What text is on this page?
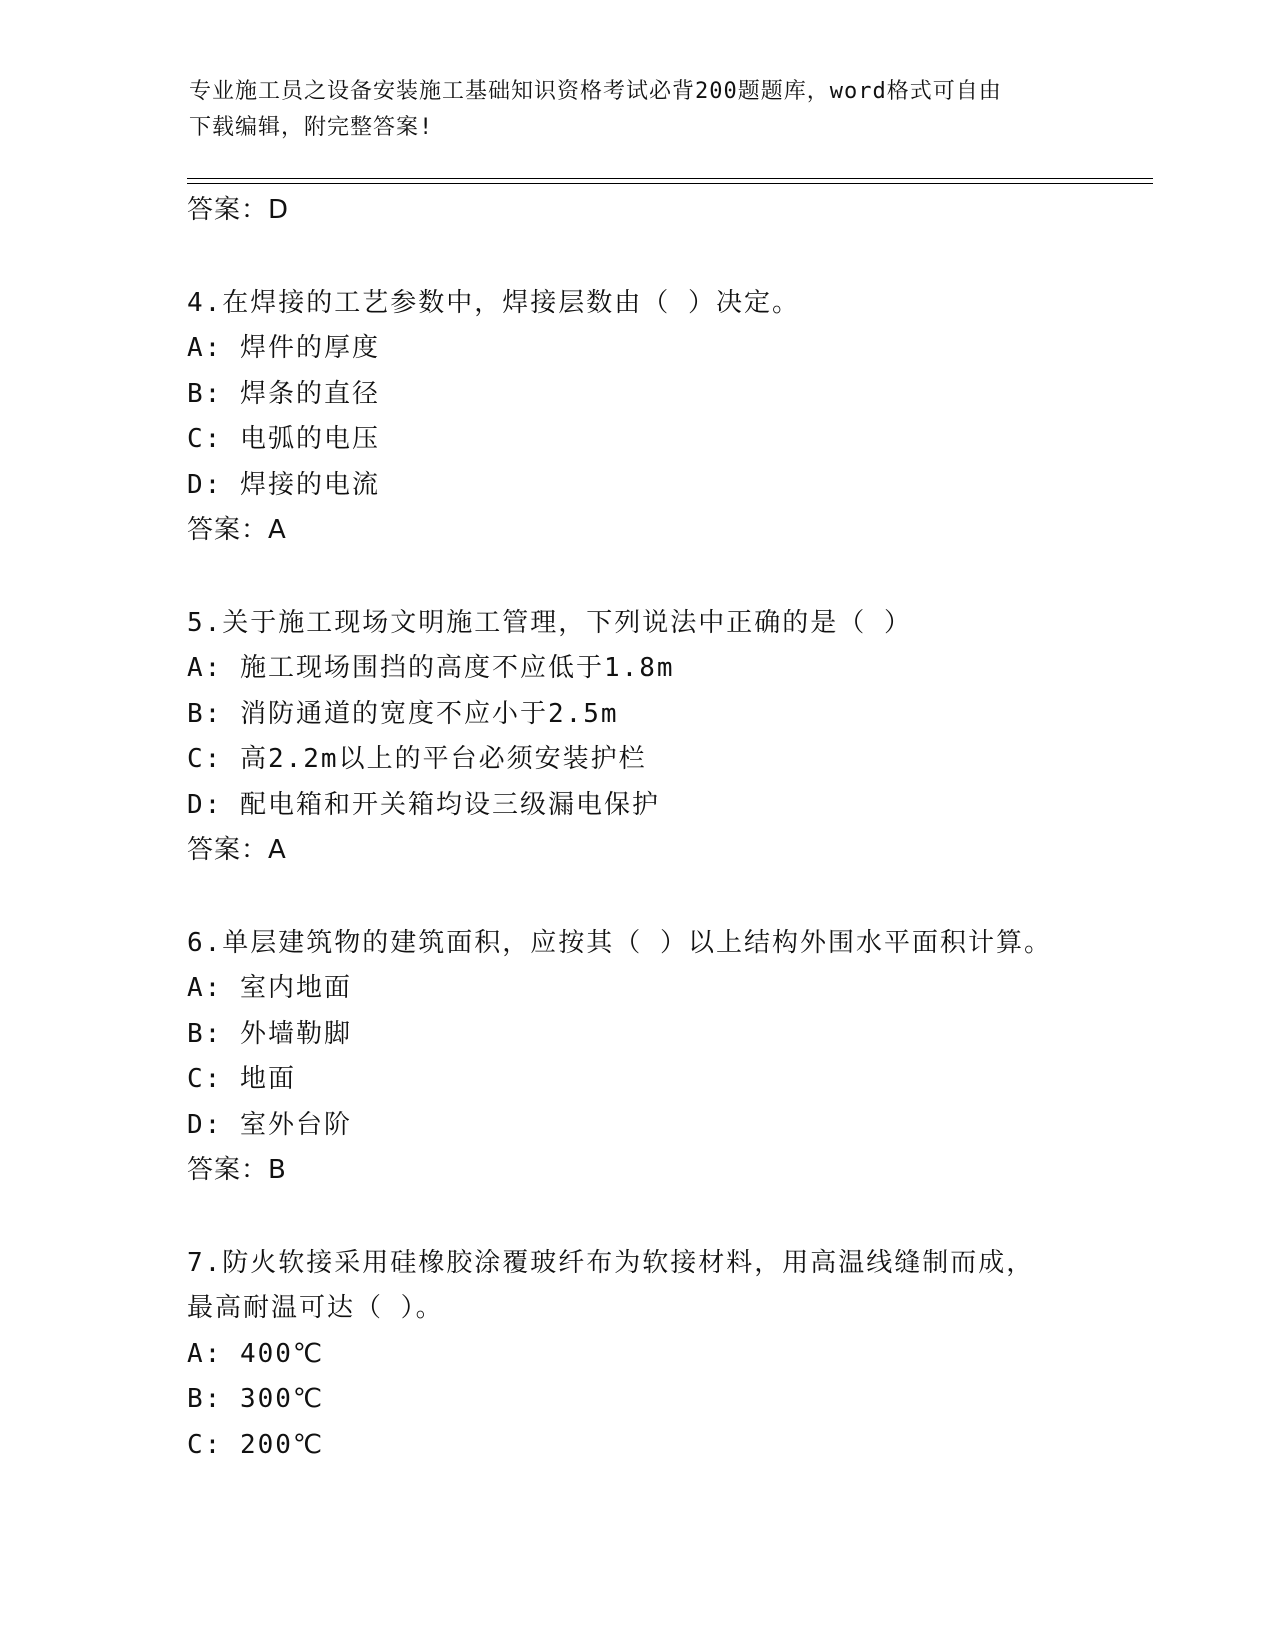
专业施工员之设备安装施工基础知识资格考试必背200题题库，word格式可自由
下载编辑，附完整答案!
答案：D
4.在焊接的工艺参数中，焊接层数由（ ）决定。
A: 焊件的厚度
B: 焊条的直径
C: 电弧的电压
D: 焊接的电流
答案：A
5.关于施工现场文明施工管理，下列说法中正确的是（ ）
A: 施工现场围挡的高度不应低于1.8m
B: 消防通道的宽度不应小于2.5m
C: 高2.2m以上的平台必须安装护栏
D: 配电箱和开关箱均设三级漏电保护
答案：A
6.单层建筑物的建筑面积，应按其（ ）以上结构外围水平面积计算。
A: 室内地面
B: 外墙勒脚
C: 地面
D: 室外台阶
答案：B
7.防火软接采用硅橡胶涂覆玻纤布为软接材料，用高温线缝制而成，
最高耐温可达（ ）。
A: 400℃
B: 300℃
C: 200℃
